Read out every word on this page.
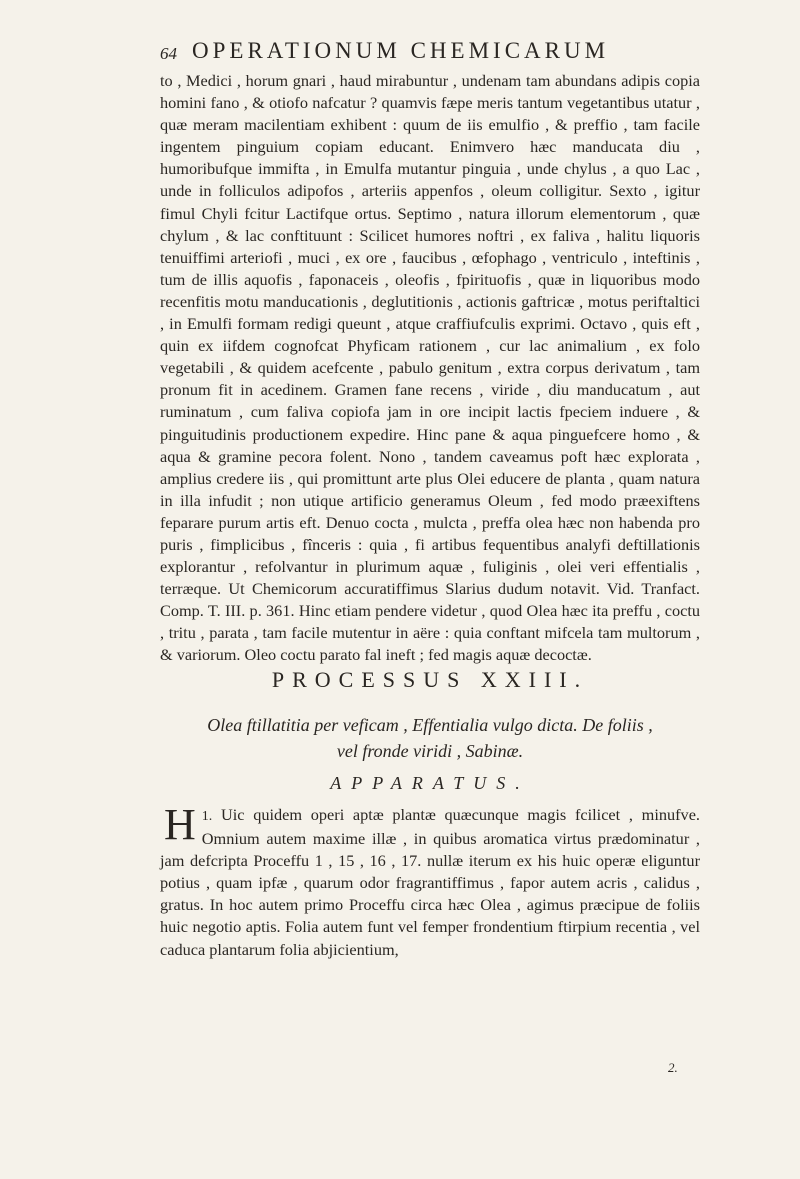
64 OPERATIONUM CHEMICARUM

to , Medici , horum gnari , haud mirabuntur , undenam tam abundans adipis copia homini fano , & otiofo nafcatur ? quamvis fæpe meris tantum vegetantibus utatur , quæ meram macilentiam exhibent : quum de iis emulfio , & preffio , tam facile ingentem pinguium copiam educant. Enimvero hæc manducata diu , humoribufque immifta , in Emulfa mutantur pinguia , unde chylus , a quo Lac , unde in folliculos adipofos , arteriis appenfos , oleum colligitur. Sexto , igitur fimul Chyli fcitur Lactifque ortus. Septimo , natura illorum elementorum , quæ chylum , & lac conftituunt : Scilicet humores noftri , ex faliva , halitu liquoris tenuiffimi arteriofi , muci , ex ore , faucibus , œfophago , ventriculo , inteftinis , tum de illis aquofis , faponaceis , oleofis , fpirituofis , quæ in liquoribus modo recenfitis motu manducationis , deglutitionis , actionis gaftricæ , motus periftaltici , in Emulfi formam redigi queunt , atque craffiufculis exprimi. Octavo , quis eft , quin ex iifdem cognofcat Phyficam rationem , cur lac animalium , ex folo vegetabili , & quidem acefcente , pabulo genitum , extra corpus derivatum , tam pronum fit in acedinem. Gramen fane recens , viride , diu manducatum , aut ruminatum , cum faliva copiofa jam in ore incipit lactis fpeciem induere , & pinguitudinis productionem expedire. Hinc pane & aqua pinguefcere homo , & aqua & gramine pecora folent. Nono , tandem caveamus poft hæc explorata , amplius credere iis , qui promittunt arte plus Olei educere de planta , quam natura in illa infudit ; non utique artificio generamus Oleum , fed modo præexiftens feparare purum artis eft. Denuo cocta , mulcta , preffa olea hæc non habenda pro puris , fimplicibus , fînceris : quia , fi artibus fequentibus analyfi deftillationis explorantur , refolvantur in plurimum aquæ , fuliginis , olei veri effentialis , terræque. Ut Chemicorum accuratiffimus Slarius dudum notavit. Vid. Tranfact. Comp. T. III. p. 361. Hinc etiam pendere videtur , quod Olea hæc ita preffu , coctu , tritu , parata , tam facile mutentur in aëre : quia conftant mifcela tam multorum , & variorum. Oleo coctu parato fal ineft ; fed magis aquæ decoctæ.

PROCESSUS XXIII.
Olea ftillatitia per veficam , Effentialia vulgo dicta. De foliis ,
vel fronde viridi , Sabinæ.
APPARATUS.
1.
H Uic quidem operi aptæ plantæ quæcunque magis fcilicet , minufve. Omnium autem maxime illæ , in quibus aromatica virtus prædominatur , jam defcripta Proceffu 1 , 15 , 16 , 17. nullæ iterum ex his huic operæ eliguntur potius , quam ipfæ , quarum odor fragrantiffimus , fapor autem acris , calidus , gratus. In hoc autem primo Proceffu circa hæc Olea , agimus præcipue de foliis huic negotio aptis. Folia autem funt vel femper frondentium ftirpium recentia , vel caduca plantarum folia abjicientium,
2.
